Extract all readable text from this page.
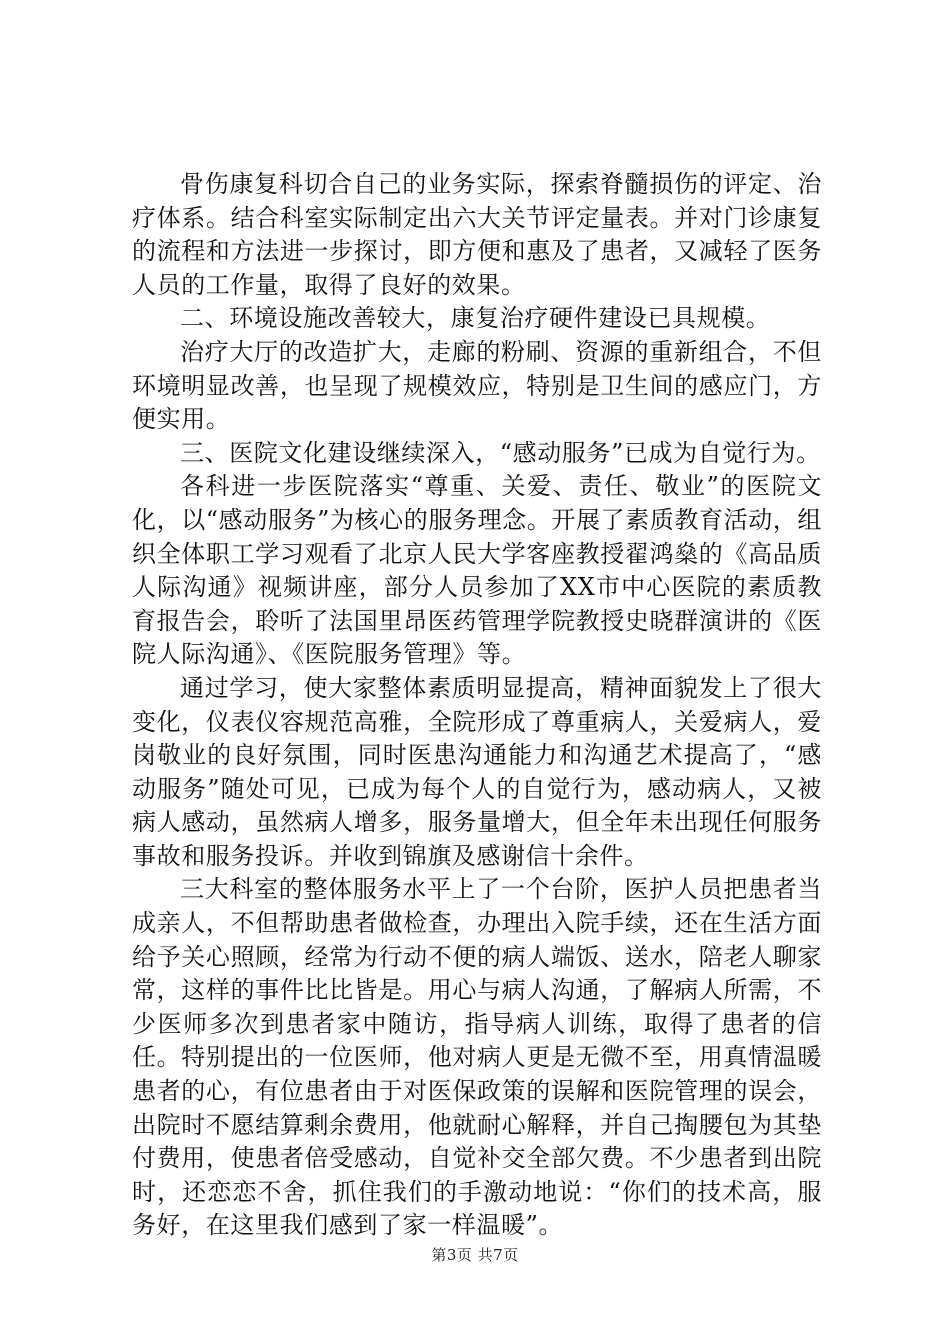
骨伤康复科切合自己的业务实际，探索脊髓损伤的评定、治疗体系。结合科室实际制定出六大关节评定量表。并对门诊康复的流程和方法进一步探讨，即方便和惠及了患者，又减轻了医务人员的工作量，取得了良好的效果。

二、环境设施改善较大，康复治疗硬件建设已具规模。

治疗大厅的改造扩大，走廊的粉刷、资源的重新组合，不但环境明显改善，也呈现了规模效应，特别是卫生间的感应门，方便实用。

三、医院文化建设继续深入，“感动服务”已成为自觉行为。

各科进一步医院落实“尊重、关爱、责任、敬业”的医院文化，以“感动服务”为核心的服务理念。开展了素质教育活动，组织全体职工学习观看了北京人民大学客座教授翟鸿燊的《高品质人际沟通》视频讲座，部分人员参加了XX市中心医院的素质教育报告会，聆听了法国里昂医药管理学院教授史晓群演讲的《医院人际沟通》、《医院服务管理》等。

通过学习，使大家整体素质明显提高，精神面貌发上了很大变化，仪表仪容规范高雅，全院形成了尊重病人，关爱病人，爱岗敬业的良好氛围，同时医患沟通能力和沟通艺术提高了，“感动服务”随处可见，已成为每个人的自觉行为，感动病人，又被病人感动，虽然病人增多，服务量增大，但全年未出现任何服务事故和服务投诉。并收到锦旗及感谢信十余件。

三大科室的整体服务水平上了一个台阶，医护人员把患者当成亲人，不但帮助患者做检查，办理出入院手续，还在生活方面给予关心照顾，经常为行动不便的病人端饭、送水，陪老人聊家常，这样的事件比比皆是。用心与病人沟通，了解病人所需，不少医师多次到患者家中随访，指导病人训练，取得了患者的信任。特别提出的一位医师，他对病人更是无微不至，用真情温暖患者的心，有位患者由于对医保政策的误解和医院管理的误会，出院时不愿结算剩余费用，他就耐心解释，并自己掏腰包为其垫付费用，使患者倍受感动，自觉补交全部欠费。不少患者到出院时，还恋恋不舍，抓住我们的手激动地说：“你们的技术高，服务好，在这里我们感到了家一样温暖”。

第3页 共7页
